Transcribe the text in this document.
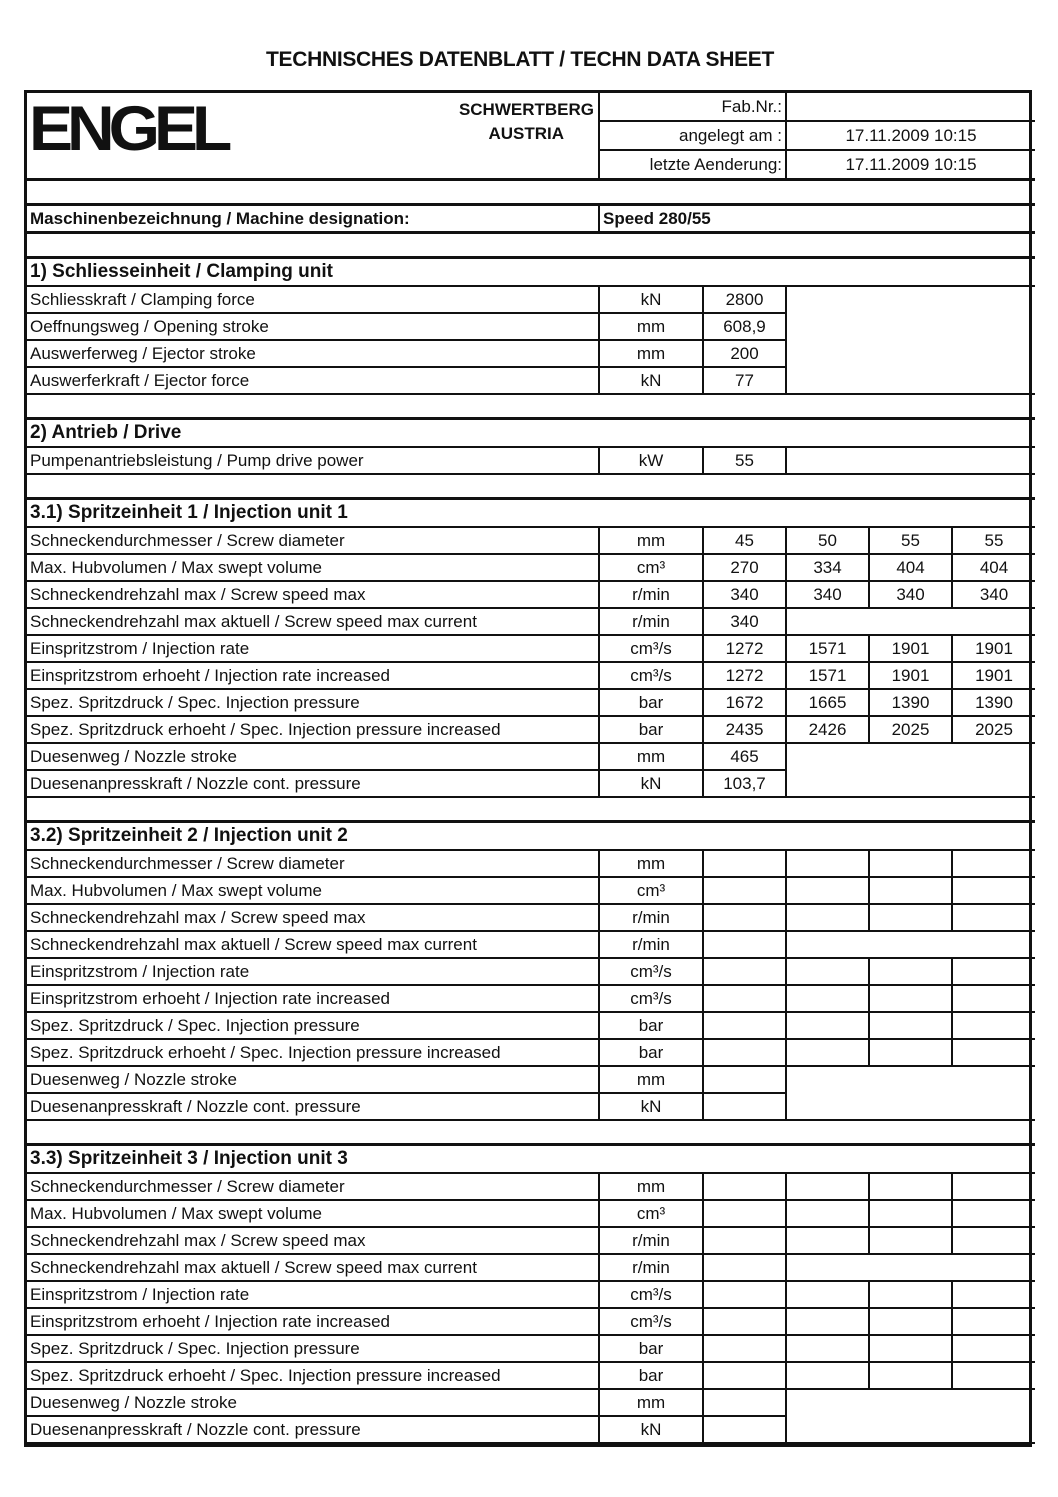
TECHNISCHES DATENBLATT / TECHN DATA SHEET
ENGEL SCHWERTBERG
AUSTRIA	Fab.Nr.:				
	angelegt am :		17.11.2009 10:15		
	letzte Aenderung:		17.11.2009 10:15		

Maschinenbezeichnung / Machine designation:	Speed 280/55				

1) Schliesseinheit / Clamping unit					
Schliesskraft / Clamping force	kN	2800			
Oeffnungsweg / Opening stroke	mm	608,9			
Auswerferweg / Ejector stroke	mm	200			
Auswerferkraft / Ejector force	kN	77			

2) Antrieb / Drive					
Pumpenantriebsleistung / Pump drive power	kW	55			

3.1) Spritzeinheit 1 / Injection unit 1					
Schneckendurchmesser / Screw diameter	mm	45	50	55	55
Max. Hubvolumen / Max swept volume	cm³	270	334	404	404
Schneckendrehzahl max / Screw speed max	r/min	340	340	340	340
Schneckendrehzahl max aktuell / Screw speed max current	r/min	340			
Einspritzstrom / Injection rate	cm³/s	1272	1571	1901	1901
Einspritzstrom erhoeht / Injection rate increased	cm³/s	1272	1571	1901	1901
Spez. Spritzdruck / Spec. Injection pressure	bar	1672	1665	1390	1390
Spez. Spritzdruck erhoeht / Spec. Injection pressure increased	bar	2435	2426	2025	2025
Duesenweg / Nozzle stroke	mm	465			
Duesenanpresskraft / Nozzle cont. pressure	kN	103,7			

3.2) Spritzeinheit 2 / Injection unit 2					
Schneckendurchmesser / Screw diameter	mm				
Max. Hubvolumen / Max swept volume	cm³				
Schneckendrehzahl max / Screw speed max	r/min				
Schneckendrehzahl max aktuell / Screw speed max current	r/min				
Einspritzstrom / Injection rate	cm³/s				
Einspritzstrom erhoeht / Injection rate increased	cm³/s				
Spez. Spritzdruck / Spec. Injection pressure	bar				
Spez. Spritzdruck erhoeht / Spec. Injection pressure increased	bar				
Duesenweg / Nozzle stroke	mm				
Duesenanpresskraft / Nozzle cont. pressure	kN				

3.3) Spritzeinheit 3 / Injection unit 3					
Schneckendurchmesser / Screw diameter	mm				
Max. Hubvolumen / Max swept volume	cm³				
Schneckendrehzahl max / Screw speed max	r/min				
Schneckendrehzahl max aktuell / Screw speed max current	r/min				
Einspritzstrom / Injection rate	cm³/s				
Einspritzstrom erhoeht / Injection rate increased	cm³/s				
Spez. Spritzdruck / Spec. Injection pressure	bar				
Spez. Spritzdruck erhoeht / Spec. Injection pressure increased	bar				
Duesenweg / Nozzle stroke	mm				
Duesenanpresskraft / Nozzle cont. pressure	kN				
